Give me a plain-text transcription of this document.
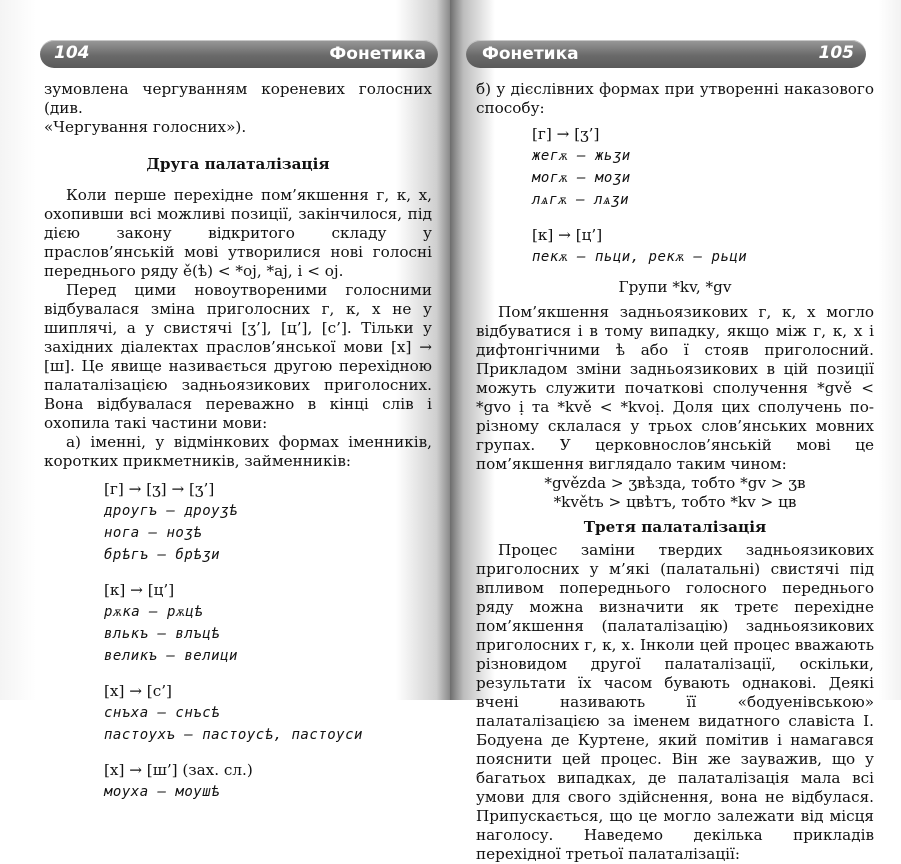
104	Фонетика

зумовлена чергуванням кореневих голосних (див.

«Чергування голосних»).

Друга палаталізація

Коли перше перехідне пом’якшення г, к, х, охопивши всі можливі позиції, закінчилося, під дією закону відкритого складу у праслов’янській мові утворилися нові голосні переднього ряду ě(ѣ) < *oj, *aj, i < oj.

Перед цими новоутвореними голосними відбувалася зміна приголосних г, к, х не у шиплячі, а у свистячі [ӡ’], [ц’], [с’]. Тільки у західних діалектах праслов’янської мови [х] → [ш]. Це явище називається другою перехідною палаталізацією задньоязикових приголосних. Вона відбувалася переважно в кінці слів і охопила такі частини мови:

а) іменні, у відмінкових формах іменників, коротких прикметників, займенників:

[г] → [ӡ] → [ӡ’]
дроугъ – дроуӡѣ
нога – ноӡѣ
брѣгъ – брѣӡи
[к] → [ц’]
рѫка – рѫцѣ
влькъ – влъцѣ
великъ – велици
[х] → [с’]
снъха – снъсѣ
пастоухъ – пастоусѣ, пастоуси
[х] → [ш’] (зах. сл.)
моуха – моушѣ
Фонетика	105

б) у дієслівних формах при утворенні наказового способу:

[г] → [ӡ’]
жегѫ – жьӡи
могѫ – моӡи
лѧгѫ – лѧӡи
[к] → [ц’]
пекѫ – пьци, рекѫ – рьци

Групи *kv, *gv

Пом’якшення задньоязикових г, к, х могло відбуватися і в тому випадку, якщо між г, к, х і дифтонгічними ѣ або ї стояв приголосний. Прикладом зміни задньоязикових в цій позиції можуть служити початкові сполучення *gvě < *gvo ị та *kvě < *kvoị. Доля цих сполучень по-різному склалася у трьох слов’янських мовних групах. У церковнослов’янській мові це пом’якшення виглядало таким чином:

*gvězda > ӡвѣзда, тобто *gv > ӡв

*květъ > цвѣтъ, тобто *kv > цв

Третя палаталізація

Процес заміни твердих задньоязикових приголосних у м’які (палатальні) свистячі під впливом попереднього голосного переднього ряду можна визначити як третє перехідне пом’якшення (палаталізацію) задньоязикових приголосних г, к, х. Інколи цей процес вважають різновидом другої палаталізації, оскільки, результати їх часом бувають однакові. Деякі вчені називають її «бодуенівською» палаталізацією за іменем видатного славіста І. Бодуена де Куртене, який помітив і намагався пояснити цей процес. Він же зауважив, що у багатьох випадках, де палаталізація мала всі умови для свого здійснення, вона не відбулася. Припускається, що це могло залежати від місця наголосу. Наведемо декілька прикладів перехідної третьої палаталізації:
